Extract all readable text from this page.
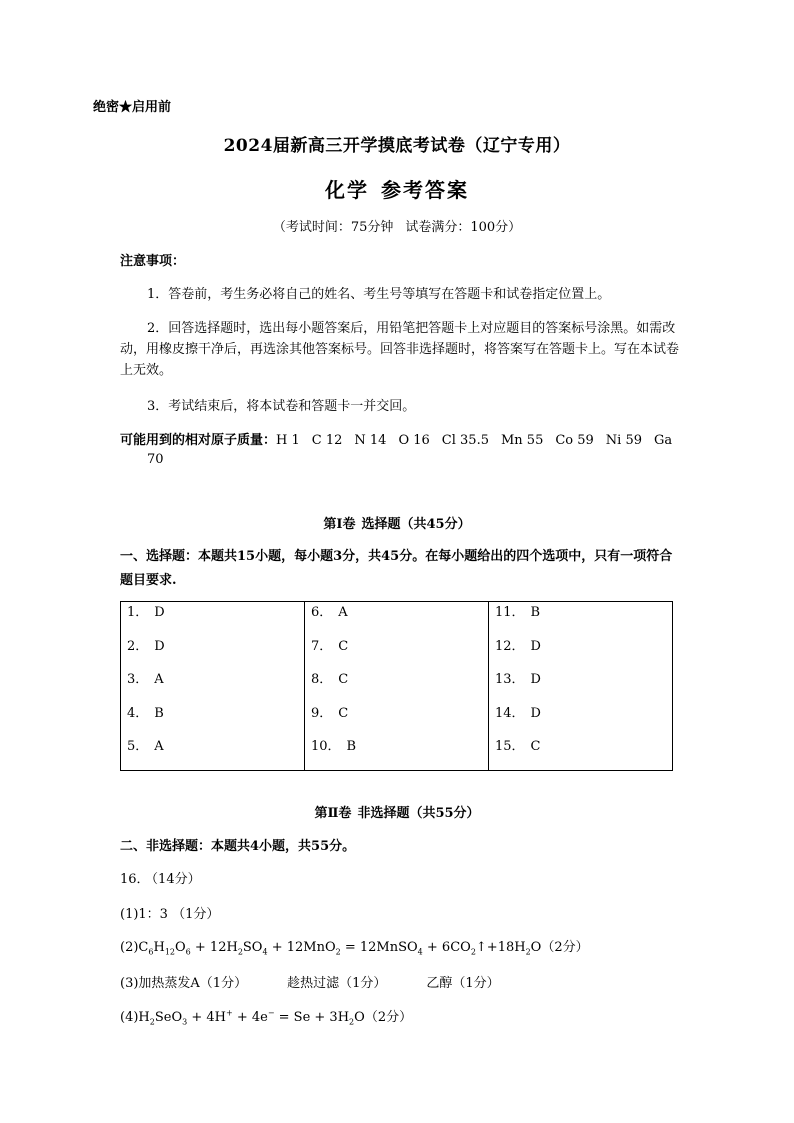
绝密★启用前
2024届新高三开学摸底考试卷（辽宁专用）
化学 参考答案
（考试时间：75分钟 试卷满分：100分）
注意事项：
1．答卷前，考生务必将自己的姓名、考生号等填写在答题卡和试卷指定位置上。
2．回答选择题时，选出每小题答案后，用铅笔把答题卡上对应题目的答案标号涂黑。如需改动，用橡皮擦干净后，再选涂其他答案标号。回答非选择题时，将答案写在答题卡上。写在本试卷上无效。
3．考试结束后，将本试卷和答题卡一并交回。
可能用到的相对原子质量：H 1 C 12 N 14 O 16 Cl 35.5 Mn 55 Co 59 Ni 59 Ga
70
第Ⅰ卷 选择题（共45分）
一、选择题：本题共15小题，每小题3分，共45分。在每小题给出的四个选项中，只有一项符合题目要求.
1． D
2． D
3． A
4． B
5． A

6． A
7． C
8． C
9． C
10． B

11． B
12． D
13． D
14． D
15． C
第Ⅱ卷 非选择题（共55分）
二、非选择题：本题共4小题，共55分。
16． （14分）
(1)1：3 （1分）
$(2)C_6H_{12}O_6 + 12H_2SO_4 + 12MnO_2$ = 12MnSO$_4$ + $6CO_2↑+18H_2O(2$分）
(3)加热蒸发A（1分）	趁热过滤（1分）	乙醇（1分）
$(4)H_2SeO_3 + 4H^+ + 4e^- = Se + 3H_2O(2$分）
